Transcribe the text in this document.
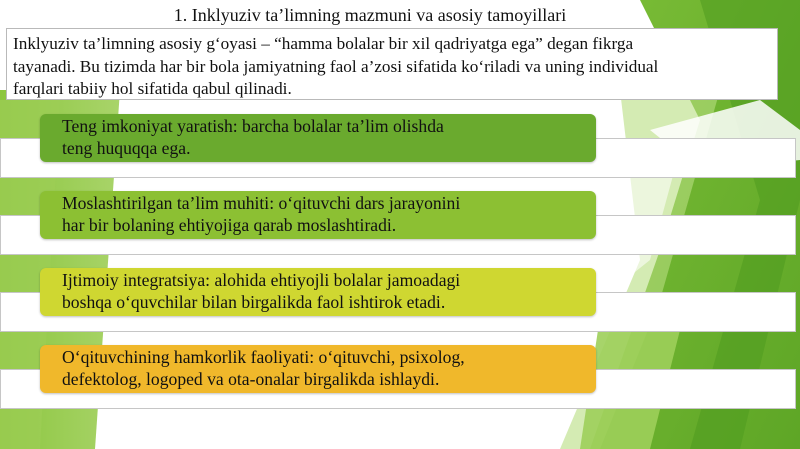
1. Inklyuziv ta’limning mazmuni va asosiy tamoyillari
Inklyuziv ta’limning asosiy g‘oyasi – “hamma bolalar bir xil qadriyatga ega” degan fikrga
tayanadi. Bu tizimda har bir bola jamiyatning faol a’zosi sifatida ko‘riladi va uning individual
farqlari tabiiy hol sifatida qabul qilinadi.
Teng imkoniyat yaratish: barcha bolalar ta’lim olishda
teng huquqqa ega.
Moslashtirilgan ta’lim muhiti: o‘qituvchi dars jarayonini
har bir bolaning ehtiyojiga qarab moslashtiradi.
Ijtimoiy integratsiya: alohida ehtiyojli bolalar jamoadagi
boshqa o‘quvchilar bilan birgalikda faol ishtirok etadi.
O‘qituvchining hamkorlik faoliyati: o‘qituvchi, psixolog,
defektolog, logoped va ota-onalar birgalikda ishlaydi.
